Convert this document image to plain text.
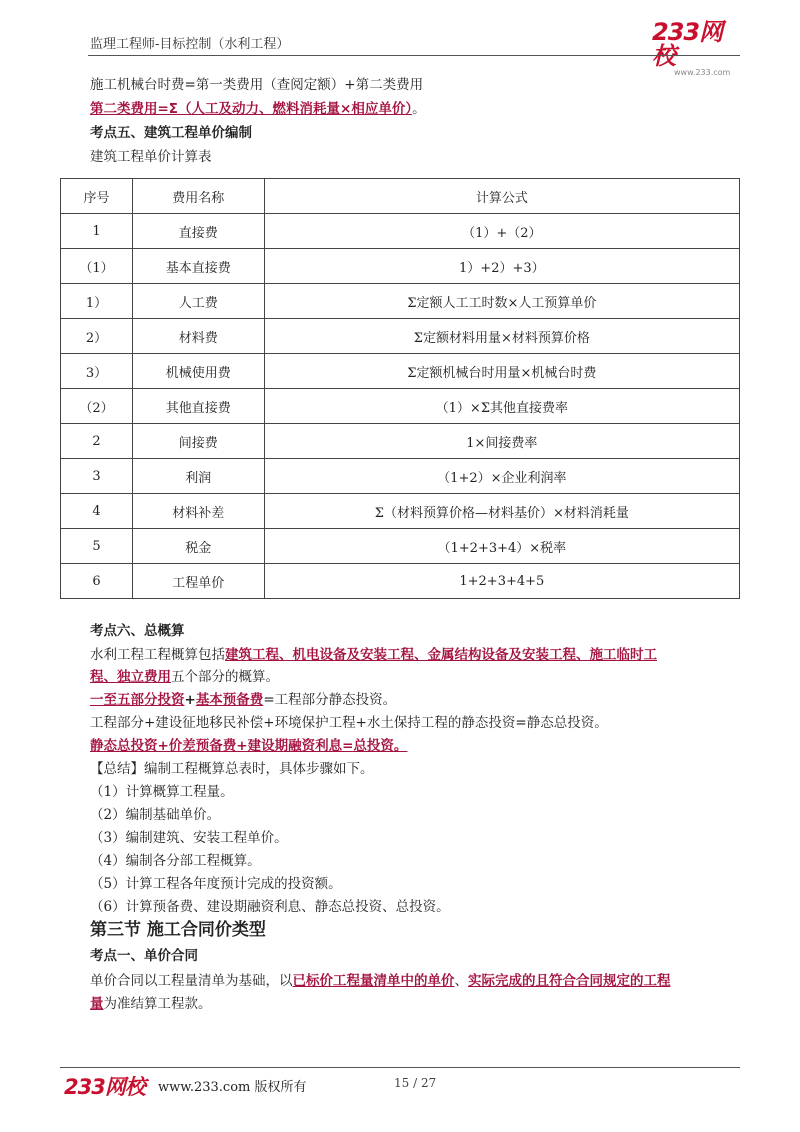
监理工程师-目标控制（水利工程）	233网校
www.233.com
施工机械台时费=第一类费用（查阅定额）+第二类费用
第二类费用=Σ（人工及动力、燃料消耗量×相应单价）。
考点五、建筑工程单价编制
建筑工程单价计算表
序号	费用名称	计算公式
1	直接费	（1）+（2）
（1）	基本直接费	1）+2）+3）
1）	人工费	Σ定额人工工时数×人工预算单价
2）	材料费	Σ定额材料用量×材料预算价格
3）	机械使用费	Σ定额机械台时用量×机械台时费
（2）	其他直接费	（1）×Σ其他直接费率
2	间接费	1×间接费率
3	利润	（1+2）×企业利润率
4	材料补差	Σ（材料预算价格—材料基价）×材料消耗量
5	税金	（1+2+3+4）×税率
6	工程单价	1+2+3+4+5
考点六、总概算
水利工程工程概算包括建筑工程、机电设备及安装工程、金属结构设备及安装工程、施工临时工
程、独立费用五个部分的概算。
一至五部分投资+基本预备费=工程部分静态投资。
工程部分+建设征地移民补偿+环境保护工程+水土保持工程的静态投资=静态总投资。
静态总投资+价差预备费+建设期融资利息=总投资。
【总结】编制工程概算总表时，具体步骤如下。
（1）计算概算工程量。
（2）编制基础单价。
（3）编制建筑、安装工程单价。
（4）编制各分部工程概算。
（5）计算工程各年度预计完成的投资额。
（6）计算预备费、建设期融资利息、静态总投资、总投资。
第三节 施工合同价类型
考点一、单价合同
单价合同以工程量清单为基础，以已标价工程量清单中的单价、实际完成的且符合合同规定的工程
量为准结算工程款。
233网校 www.233.com 版权所有	15 / 27
